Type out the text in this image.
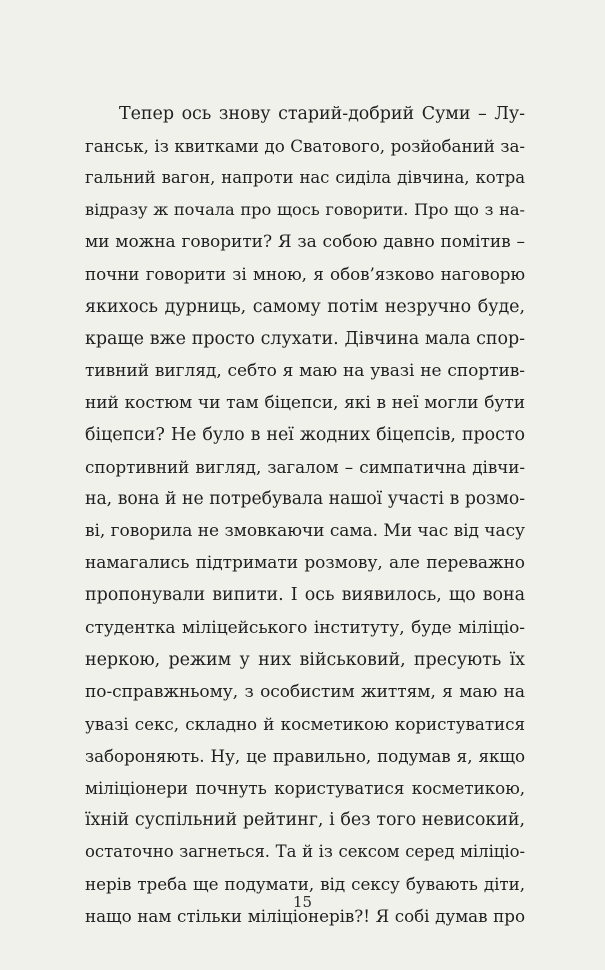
Тепер ось знову старий-добрий Суми – Лу-
ганськ, із квитками до Сватового, розйобаний за-
гальний вагон, напроти нас сиділа дівчина, котра
відразу ж почала про щось говорити. Про що з на-
ми можна говорити? Я за собою давно помітив –
почни говорити зі мною, я обов’язково наговорю
якихось дурниць, самому потім незручно буде,
краще вже просто слухати. Дівчина мала спор-
тивний вигляд, себто я маю на увазі не спортив-
ний костюм чи там біцепси, які в неї могли бути
біцепси? Не було в неї жодних біцепсів, просто
спортивний вигляд, загалом – симпатична дівчи-
на, вона й не потребувала нашої участі в розмо-
ві, говорила не змовкаючи сама. Ми час від часу
намагались підтримати розмову, але переважно
пропонували випити. І ось виявилось, що вона
студентка міліцейського інституту, буде міліціо-
неркою, режим у них військовий, пресують їх
по-справжньому, з особистим життям, я маю на
увазі секс, складно й косметикою користуватися
забороняють. Ну, це правильно, подумав я, якщо
міліціонери почнуть користуватися косметикою,
їхній суспільний рейтинг, і без того невисокий,
остаточно загнеться. Та й із сексом серед міліціо-
нерів треба ще подумати, від сексу бувають діти,
нащо нам стільки міліціонерів?! Я собі думав про
15
